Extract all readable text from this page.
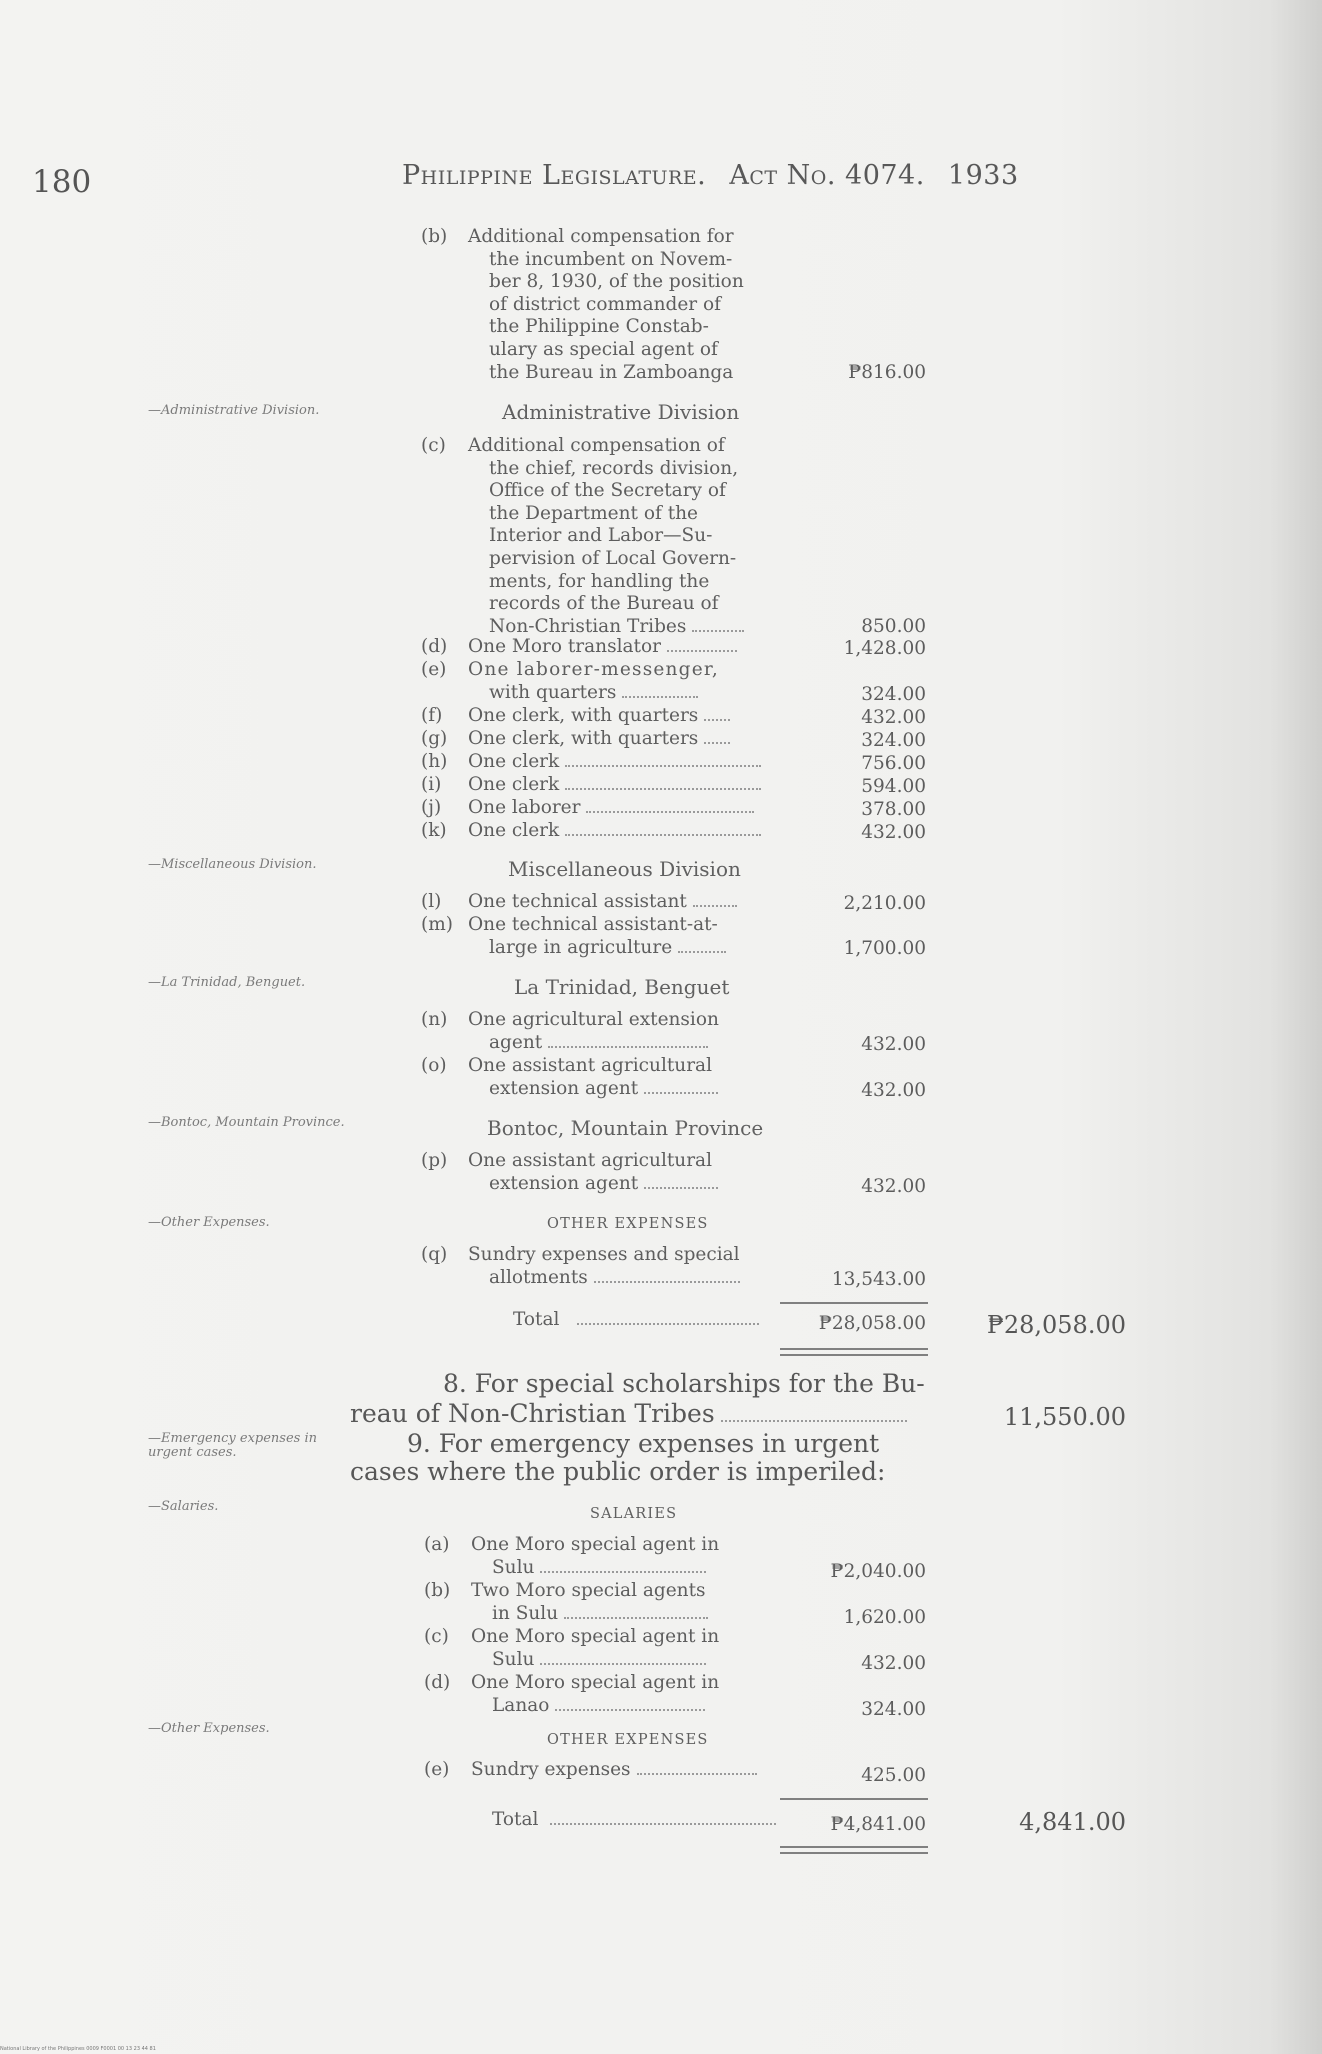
180	Philippine Legislature. Act No. 4074. 1933
—Administrative Division.
—Miscellaneous Division.
—La Trinidad, Benguet.
—Bontoc, Mountain Province.
—Other Expenses.
—Emergency expenses in urgent cases.
—Salaries.
—Other Expenses.
(b) Additional compensation for
the incumbent on Novem-
ber 8, 1930, of the position
of district commander of
the Philippine Constab-
ulary as special agent of
the Bureau in Zamboanga	₱816.00
Administrative Division
(c) Additional compensation of
the chief, records division,
Office of the Secretary of
the Department of the
Interior and Labor—Su-
pervision of Local Govern-
ments, for handling the
records of the Bureau of
Non-Christian Tribes	850.00
(d) One Moro translator	1,428.00
(e) One laborer-messenger,
with quarters	324.00
(f) One clerk, with quarters	432.00
(g) One clerk, with quarters	324.00
(h) One clerk	756.00
(i) One clerk	594.00
(j) One laborer	378.00
(k) One clerk	432.00
Miscellaneous Division
(l) One technical assistant	2,210.00
(m) One technical assistant-at-
large in agriculture	1,700.00
La Trinidad, Benguet
(n) One agricultural extension
agent	432.00
(o) One assistant agricultural
extension agent	432.00
Bontoc, Mountain Province
(p) One assistant agricultural
extension agent	432.00
OTHER EXPENSES
(q) Sundry expenses and special
allotments	13,543.00
Total	₱28,058.00	₱28,058.00
8. For special scholarships for the Bu-
reau of Non-Christian Tribes	11,550.00
9. For emergency expenses in urgent
cases where the public order is imperiled:
SALARIES
(a) One Moro special agent in
Sulu	₱2,040.00
(b) Two Moro special agents
in Sulu	1,620.00
(c) One Moro special agent in
Sulu	432.00
(d) One Moro special agent in
Lanao	324.00
OTHER EXPENSES
(e) Sundry expenses	425.00
Total	₱4,841.00	4,841.00
National Library of the Philippines 0009 F0001 00 13 23 44 81
